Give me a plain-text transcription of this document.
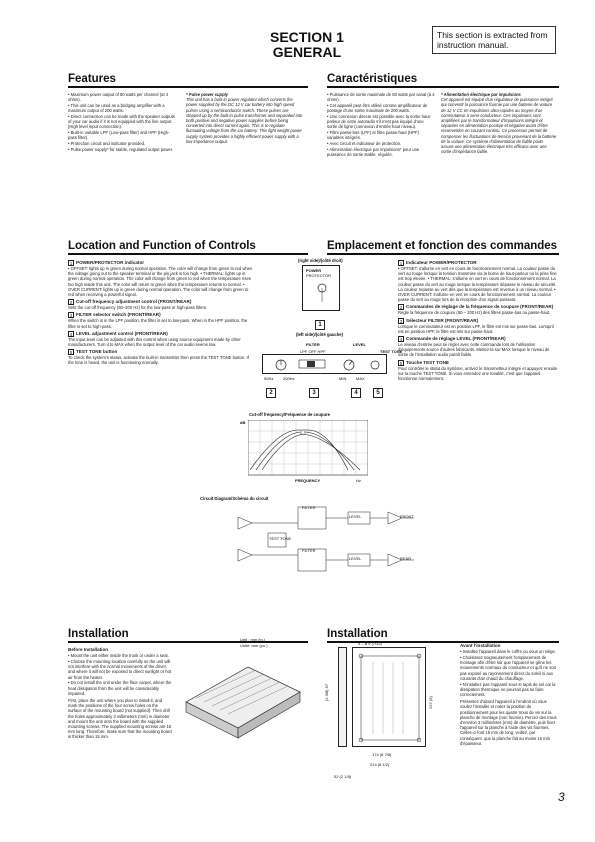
SECTION 1
GENERAL
This section is extracted from instruction manual.
Features
• Maximum power output of 80 watts per channel (at 4 ohms).
• This unit can be used as a bridging amplifier with a maximum output of 200 watts.
• Direct connection can be made with the speaker outputs of your car audio if it is not equipped with the line output (High level input connection).
• Built-in variable LPF (Low-pass filter) and HPF (High-pass filter).
• Protection circuit and indicator provided.
• Pulse power supply* for stable, regulated output power.
* Pulse power supply
This unit has a built-in power regulator which converts the power supplied by the DC 12 V car battery into high speed pulses using a semiconductor switch. These pulses are stepped up by the built-in pulse transformer and separated into both positive and negative power supplies before being converted into direct current again. This is to regulate fluctuating voltage from the car battery. This light weight power supply system provides a highly efficient power supply with a low impedance output.
Caractéristiques
• Puissance de sortie maximale de 80 watts par canal (à 4 ohms).
• Cet appareil peut être utilisé comme amplificateur de pontage d'une sortie maximale de 200 watts.
• Une connexion directe est possible avec la sortie haut-parleur de votre autoradio s'il n'est pas équipé d'une sortie de ligne (connexion d'entrée haut niveau).
• Filtre passe-bas (LPF) et filtre passe-haut (HPF) variables intégrés.
• Avec circuit et indicateur de protection.
• Alimentation électrique par impulsions* pour une puissance de sortie stable, régulée.
* Alimentation électrique par impulsions
Cet appareil est équipé d'un régulateur de puissance intégré qui convertit la puissance fournie par une batterie de voiture de 12 V CC en impulsions ultra-rapides au moyen d'un commutateur à semi-conducteur. Ces impulsions sont amplifiées par le transformateur d'impulsions intégré et séparées en alimentation positive et négative avant d'être reconverties en courant continu. Ce processus permet de compenser les fluctuations de tension provenant de la batterie de la voiture. Ce système d'alimentation de faible poids assure une alimentation électrique très efficace avec une sortie d'impédance faible.
Location and Function of Controls
1 POWER/PROTECTOR indicator
• OFFSET: lights up in green during normal operation. The color will change from green to red when the voltage going out to the speaker terminal or the pin jack is too high. • THERMAL: lights up in green during normal operation. The color will change from green to red when the temperature rises too high inside this unit. The color will return to green when the temperature returns to normal. • OVER CURRENT: lights up in green during normal operation. The color will change from green to red when receiving a powerful signal.
2 Cut-off frequency adjustment control (FRONT/REAR)
Sets the cut-off frequency (50–200 Hz) for the low-pass or high-pass filters.
3 FILTER selector switch (FRONT/REAR)
When the switch is in the LPF position, the filter is set to low-pass. When in the HPF position, the filter is set to high-pass.
4 LEVEL adjustment control (FRONT/REAR)
The input level can be adjusted with this control when using source equipment made by other manufacturers. Turn it to MAX when the output level of the car audio seems low.
5 TEST TONE button
To check the system's status, activate the built-in transmitter then press the TEST TONE button. If the tone is heard, the unit is functioning normally.
Emplacement et fonction des commandes
1 Indicateur POWER/PROTECTOR
• OFFSET: s'allume en vert en cours de fonctionnement normal. La couleur passe du vert au rouge lorsque la tension transmise via la borne de haut-parleur ou la prise fine est trop élevée. • THERMAL: s'allume en vert en cours de fonctionnement normal. La couleur passe du vert au rouge lorsque la température dépasse le niveau de sécurité. La couleur repasse au vert dès que la température est revenue à un niveau normal. • OVER CURRENT: s'allume en vert en cours de fonctionnement normal. La couleur passe du vert au rouge lors de la réception d'un signal puissant.
2 Commandes de réglage de la fréquence de coupure (FRONT/REAR)
Règle la fréquence de coupure (50 – 200 Hz) des filtres passe-bas ou passe-haut.
3 Sélecteur FILTER (FRONT/REAR)
Lorsque le commutateur est en position LPF, le filtre est mis sur passe-bas. Lorsqu'il est en position HPF, le filtre est mis sur passe-haut.
4 Commande de réglage LEVEL (FRONT/REAR)
Le niveau d'entrée peut se régler avec cette commande lors de l'utilisation d'équipements source d'autres fabricants. Mettez-la sur MAX lorsque le niveau de sortie de l'installation audio paraît faible.
5 Touche TEST TONE
Pour contrôler le statut du système, activez le transmetteur intégré et appuyez ensuite sur la touche TEST TONE. Si vous entendez une tonalité, c'est que l'appareil fonctionne normalement.
(right side)/(côté droit)
POWER
PROTECTOR
1
(left side)/(côté gauche)
FILTER	LEVEL
LPF OFF HPF	TEST TONE
50Hz 200Hz	MIN MAX
2	3	4	5
Cut-off frequency/Fréquence de coupure
dB
FREQUENCY	Hz
Circuit Diagram/Schéma du circuit
FILTER
LEVEL
TEST TONE
FILTER
LEVEL
FRONT
REAR
Installation
Before Installation
• Mount the unit either inside the trunk or under a seat.
• Choose the mounting location carefully so the unit will not interfere with the normal movements of the driver, and where it will not be exposed to direct sunlight or hot air from the heater.
• Do not install the unit under the floor carpet, where the heat dissipation from the unit will be considerably impaired.
First, place the unit where you plan to install it, and mark the positions of the four screw holes on the surface of the mounting board (not supplied). Then drill the holes approximately 3 millimeters (mm) in diameter and mount the unit onto the board with the supplied mounting screws. The supplied mounting screws are 15 mm long. Therefore, make sure that the mounting board is thicker than 15 mm.
Unit : mm (in.)
Unité: mm (po.)
Installation
4 – ø 5 (7/32)
(2 3/8) 57
227 (9)
174 (6 7/8)
214 (8 1/2)
52 (2 1/8)
Avant l'installation
• Installez l'appareil dans le coffre ou sous un siège.
• Choisissez soigneusement l'emplacement de montage afin d'être sûr que l'appareil ne gêne les mouvements normaux du conducteur et qu'il ne soit pas exposé au rayonnement direct du soleil ni aux courants d'air chaud du chauffage.
• N'installez pas l'appareil sous le tapis de sol car la dissipation thermique ne pourrait pas se faire correctement.
Présentez d'abord l'appareil à l'endroit où vous voulez l'installer et notez la position de positionnement pour les quatre trous de vis sur la planche de montage (non fournie). Percez des trous d'environ 3 millimètres (mm) de diamètre, puis fixez l'appareil sur la planche à l'aide des vis fournies. Celles-ci font 15 mm de long; veillez, par conséquent, que la planche fait au moins 15 mm d'épaisseur.
3
